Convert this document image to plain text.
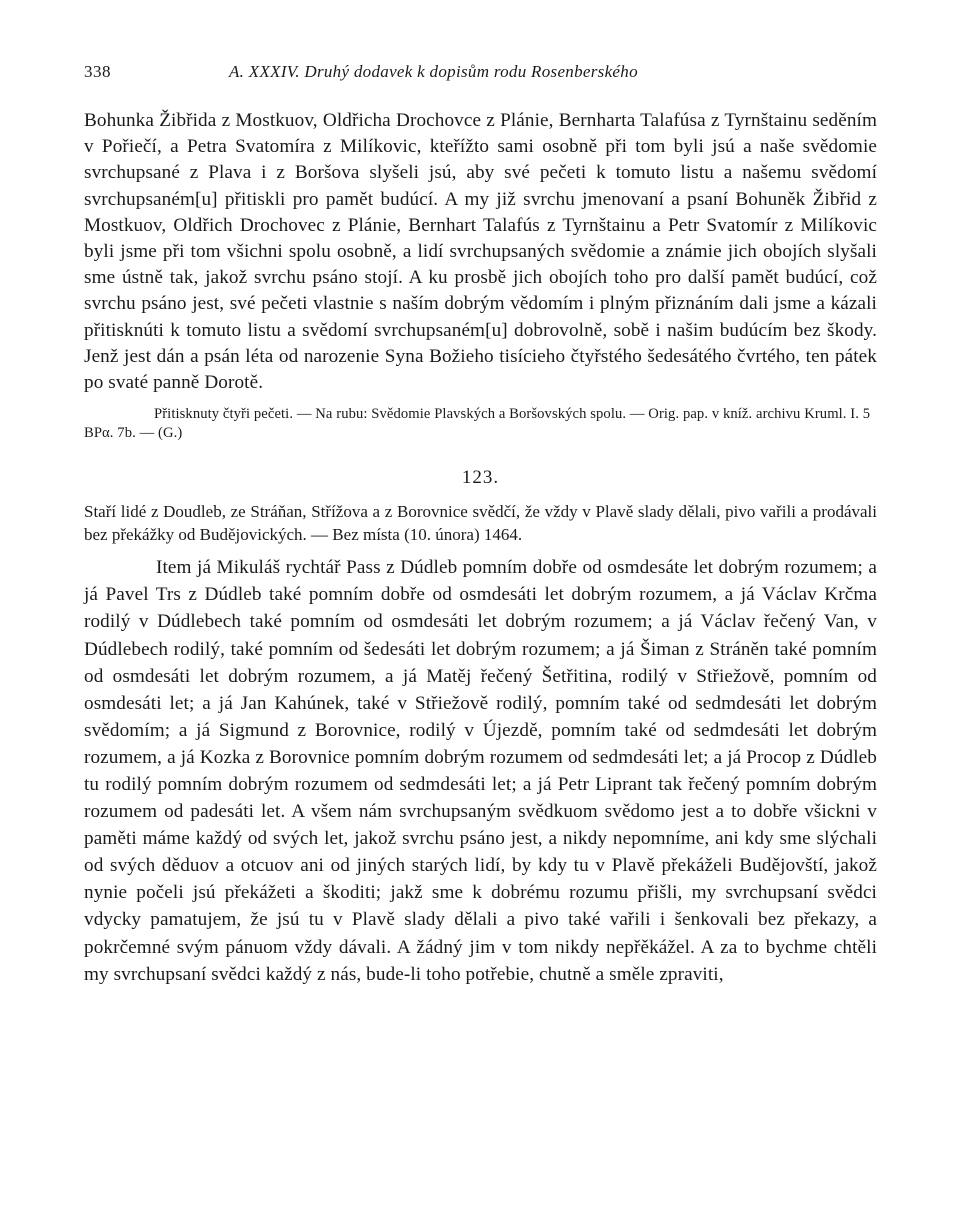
338	A. XXXIV. Druhý dodavek k dopisům rodu Rosenberského

Bohunka Žibřida z Mostkuov, Oldřicha Drochovce z Plánie, Bernharta Talafúsa z Tyrnštainu seděním v Pořiečí, a Petra Svatomíra z Milíkovic, kteřížto sami osobně při tom byli jsú a naše svědomie svrchupsané z Plava i z Boršova slyšeli jsú, aby své pečeti k tomuto listu a našemu svědomí svrchupsaném[u] přitiskli pro pamět budúcí. A my již svrchu jmenovaní a psaní Bohuněk Žibřid z Mostkuov, Oldřich Drochovec z Plánie, Bernhart Talafús z Tyrnštainu a Petr Svatomír z Milíkovic byli jsme při tom všichni spolu osobně, a lidí svrchupsaných svědomie a známie jich obojích slyšali sme ústně tak, jakož svrchu psáno stojí. A ku prosbě jich obojích toho pro další pamět budúcí, což svrchu psáno jest, své pečeti vlastnie s naším dobrým vědomím i plným přiznáním dali jsme a kázali přitisknúti k tomuto listu a svědomí svrchupsaném[u] dobrovolně, sobě i našim budúcím bez škody. Jenž jest dán a psán léta od narozenie Syna Božieho tisícieho čtyřstého šedesátého čvrtého, ten pátek po svaté panně Dorotě.

Přitisknuty čtyři pečeti. — Na rubu: Svědomie Plavských a Boršovských spolu. — Orig. pap. v kníž. archivu Kruml. I. 5 BPα. 7b. — (G.)

123.

Staří lidé z Doudleb, ze Stráňan, Střížova a z Borovnice svědčí, že vždy v Plavě slady dělali, pivo vařili a prodávali bez překážky od Budějovických. — Bez místa (10. února) 1464.

Item já Mikuláš rychtář Pass z Dúdleb pomním dobře od osmdesáte let dobrým rozumem; a já Pavel Trs z Dúdleb také pomním dobře od osmdesáti let dobrým rozumem, a já Václav Krčma rodilý v Dúdlebech také pomním od osmdesáti let dobrým rozumem; a já Václav řečený Van, v Dúdlebech rodilý, také pomním od šedesáti let dobrým rozumem; a já Šiman z Stráněn také pomním od osmdesáti let dobrým rozumem, a já Matěj řečený Šetřitina, rodilý v Střiežově, pomním od osmdesáti let; a já Jan Kahúnek, také v Střiežově rodilý, pomním také od sedmdesáti let dobrým svědomím; a já Sigmund z Borovnice, rodilý v Újezdě, pomním také od sedmdesáti let dobrým rozumem, a já Kozka z Borovnice pomním dobrým rozumem od sedmdesáti let; a já Procop z Dúdleb tu rodilý pomním dobrým rozumem od sedmdesáti let; a já Petr Liprant tak řečený pomním dobrým rozumem od padesáti let. A všem nám svrchupsaným svědkuom svědomo jest a to dobře všickni v paměti máme každý od svých let, jakož svrchu psáno jest, a nikdy nepomníme, ani kdy sme slýchali od svých děduov a otcuov ani od jiných starých lidí, by kdy tu v Plavě překáželi Budějovští, jakož nynie počeli jsú překážeti a škoditi; jakž sme k dobrému rozumu přišli, my svrchupsaní svědci vdycky pamatujem, že jsú tu v Plavě slady dělali a pivo také vařili i šenkovali bez překazy, a pokrčemné svým pánuom vždy dávali. A žádný jim v tom nikdy nepřěkážel. A za to bychme chtěli my svrchupsaní svědci každý z nás, bude-li toho potřebie, chutně a směle zpraviti,
